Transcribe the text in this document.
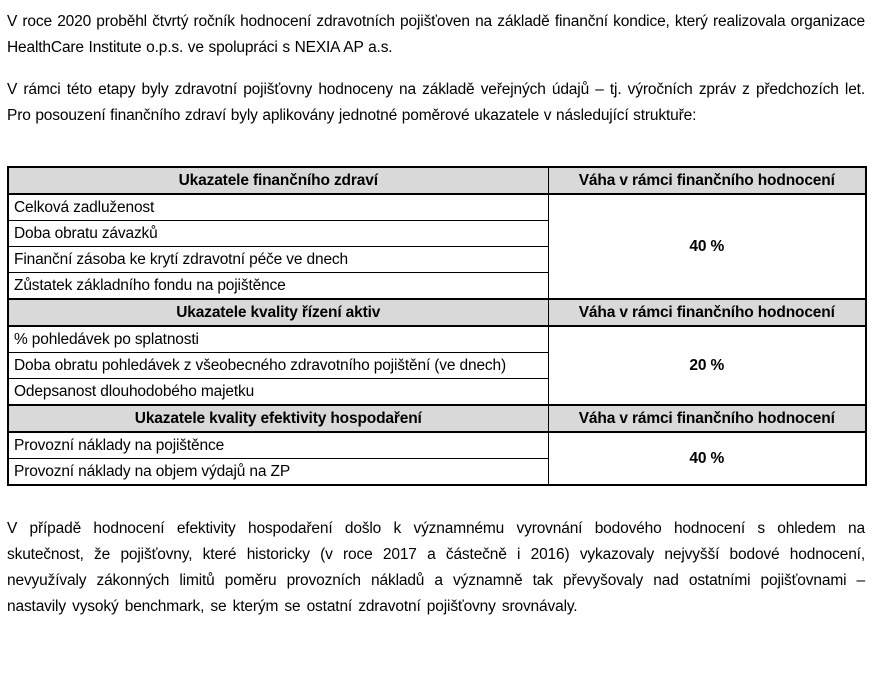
V roce 2020 proběhl čtvrtý ročník hodnocení zdravotních pojišťoven na základě finanční kondice, který realizovala organizace HealthCare Institute o.p.s. ve spolupráci s NEXIA AP a.s.

V rámci této etapy byly zdravotní pojišťovny hodnoceny na základě veřejných údajů – tj. výročních zpráv z předchozích let. Pro posouzení finančního zdraví byly aplikovány jednotné poměrové ukazatele v následující struktuře:

Ukazatele finančního zdraví	Váha v rámci finančního hodnocení
Celková zadluženost	40 %
Doba obratu závazků	
Finanční zásoba ke krytí zdravotní péče ve dnech	
Zůstatek základního fondu na pojištěnce	
Ukazatele kvality řízení aktiv	Váha v rámci finančního hodnocení
% pohledávek po splatnosti	20 %
Doba obratu pohledávek z všeobecného zdravotního pojištění (ve dnech)	
Odepsanost dlouhodobého majetku	
Ukazatele kvality efektivity hospodaření	Váha v rámci finančního hodnocení
Provozní náklady na pojištěnce	40 %
Provozní náklady na objem výdajů na ZP	

V případě hodnocení efektivity hospodaření došlo k významnému vyrovnání bodového hodnocení s ohledem na skutečnost, že pojišťovny, které historicky (v roce 2017 a částečně i 2016) vykazovaly nejvyšší bodové hodnocení, nevyužívaly zákonných limitů poměru provozních nákladů a významně tak převyšovaly nad ostatními pojišťovnami – nastavily vysoký benchmark, se kterým se ostatní zdravotní pojišťovny srovnávaly.
